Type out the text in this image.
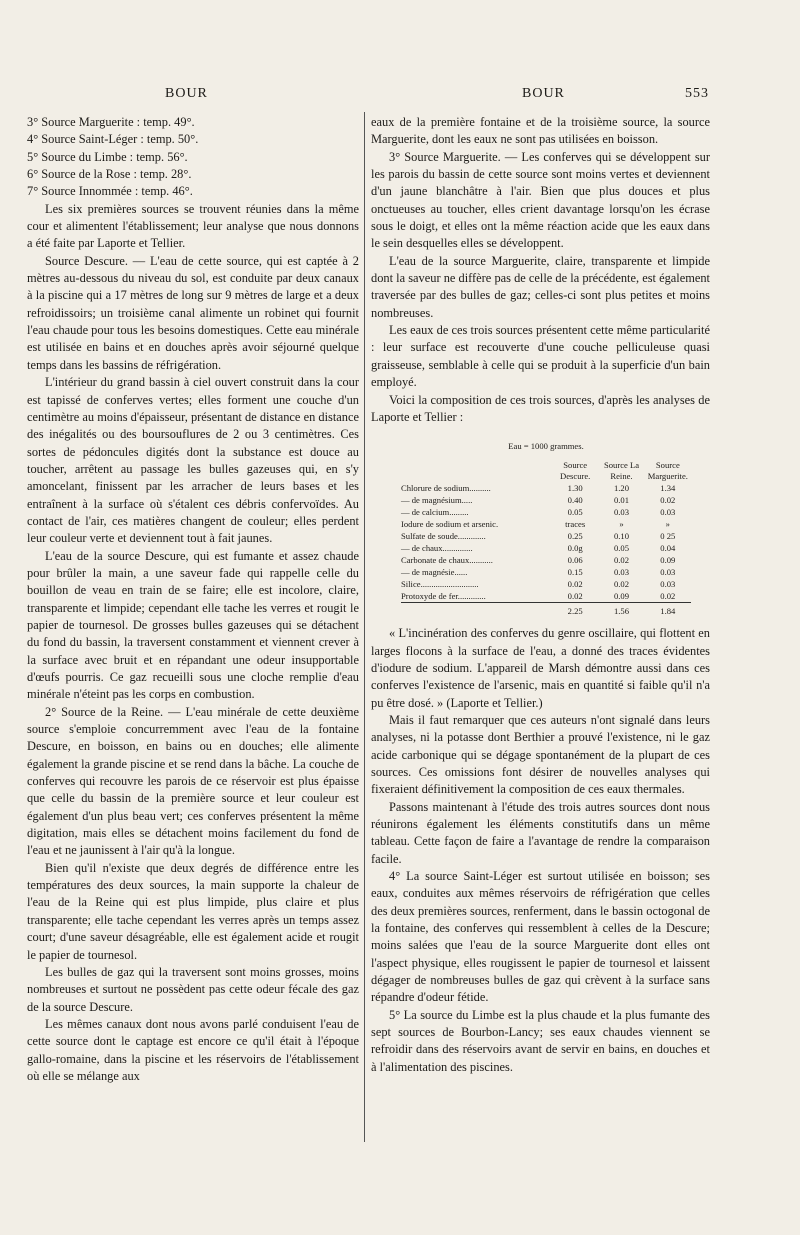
BOUR	BOUR	553
3° Source Marguerite : temp. 49°.
4° Source Saint-Léger : temp. 50°.
5° Source du Limbe : temp. 56°.
6° Source de la Rose : temp. 28°.
7° Source Innommée : temp. 46°.

Les six premières sources se trouvent réunies dans la même cour et alimentent l'établissement; leur analyse que nous donnons a été faite par Laporte et Tellier.

Source Descure. — L'eau de cette source, qui est captée à 2 mètres au-dessous du niveau du sol, est conduite par deux canaux à la piscine qui a 17 mètres de long sur 9 mètres de large et a deux refroidissoirs; un troisième canal alimente un robinet qui fournit l'eau chaude pour tous les besoins domestiques. Cette eau minérale est utilisée en bains et en douches après avoir séjourné quelque temps dans les bassins de réfrigération.

L'intérieur du grand bassin à ciel ouvert construit dans la cour est tapissé de conferves vertes; elles forment une couche d'un centimètre au moins d'épaisseur, présentant de distance en distance des inégalités ou des boursouflures de 2 ou 3 centimètres. Ces sortes de pédoncules digités dont la substance est douce au toucher, arrêtent au passage les bulles gazeuses qui, en s'y amoncelant, finissent par les arracher de leurs bases et les entraînent à la surface où s'étalent ces débris confervoïdes. Au contact de l'air, ces matières changent de couleur; elles perdent leur couleur verte et deviennent tout à fait jaunes.

L'eau de la source Descure, qui est fumante et assez chaude pour brûler la main, a une saveur fade qui rappelle celle du bouillon de veau en train de se faire; elle est incolore, claire, transparente et limpide; cependant elle tache les verres et rougit le papier de tournesol. De grosses bulles gazeuses qui se détachent du fond du bassin, la traversent constamment et viennent crever à la surface avec bruit et en répandant une odeur insupportable d'œufs pourris. Ce gaz recueilli sous une cloche remplie d'eau minérale n'éteint pas les corps en combustion.

2° Source de la Reine. — L'eau minérale de cette deuxième source s'emploie concurremment avec l'eau de la fontaine Descure, en boisson, en bains ou en douches; elle alimente également la grande piscine et se rend dans la bâche. La couche de conferves qui recouvre les parois de ce réservoir est plus épaisse que celle du bassin de la première source et leur couleur est également d'un plus beau vert; ces conferves présentent la même digitation, mais elles se détachent moins facilement du fond de l'eau et ne jaunissent à l'air qu'à la longue.

Bien qu'il n'existe que deux degrés de différence entre les températures des deux sources, la main supporte la chaleur de l'eau de la Reine qui est plus limpide, plus claire et plus transparente; elle tache cependant les verres après un temps assez court; d'une saveur désagréable, elle est également acide et rougit le papier de tournesol.

Les bulles de gaz qui la traversent sont moins grosses, moins nombreuses et surtout ne possèdent pas cette odeur fécale des gaz de la source Descure.

Les mêmes canaux dont nous avons parlé conduisent l'eau de cette source dont le captage est encore ce qu'il était à l'époque gallo-romaine, dans la piscine et les réservoirs de l'établissement où elle se mélange aux

eaux de la première fontaine et de la troisième source, la source Marguerite, dont les eaux ne sont pas utilisées en boisson.

3° Source Marguerite. — Les conferves qui se développent sur les parois du bassin de cette source sont moins vertes et deviennent d'un jaune blanchâtre à l'air. Bien que plus douces et plus onctueuses au toucher, elles crient davantage lorsqu'on les écrase sous le doigt, et elles ont la même réaction acide que les eaux dans le sein desquelles elles se développent.

L'eau de la source Marguerite, claire, transparente et limpide dont la saveur ne diffère pas de celle de la précédente, est également traversée par des bulles de gaz; celles-ci sont plus petites et moins nombreuses.

Les eaux de ces trois sources présentent cette même particularité : leur surface est recouverte d'une couche pelliculeuse quasi graisseuse, semblable à celle qui se produit à la superficie d'un bain employé.

Voici la composition de ces trois sources, d'après les analyses de Laporte et Tellier :

Eau = 1000 grammes.
	Source Descure.	Source La Reine.	Source Marguerite.
Chlorure de sodium..........	1.30	1.20	1.34
— de magnésium.....	0.40	0.01	0.02
— de calcium.........	0.05	0.03	0.03
Iodure de sodium et arsenic.	traces	»	»
Sulfate de soude.............	0.25	0.10	0 25
— de chaux..............	0.0g	0.05	0.04
Carbonate de chaux...........	0.06	0.02	0.09
— de magnésie......	0.15	0.03	0.03
Silice...........................	0.02	0.02	0.03
Protoxyde de fer.............	0.02	0.09	0.02
	2.25	1.56	1.84

« L'incinération des conferves du genre oscillaire, qui flottent en larges flocons à la surface de l'eau, a donné des traces évidentes d'iodure de sodium. L'appareil de Marsh démontre aussi dans ces conferves l'existence de l'arsenic, mais en quantité si faible qu'il n'a pu être dosé. » (Laporte et Tellier.)

Mais il faut remarquer que ces auteurs n'ont signalé dans leurs analyses, ni la potasse dont Berthier a prouvé l'existence, ni le gaz acide carbonique qui se dégage spontanément de la plupart de ces sources. Ces omissions font désirer de nouvelles analyses qui fixeraient définitivement la composition de ces eaux thermales.

Passons maintenant à l'étude des trois autres sources dont nous réunirons également les éléments constitutifs dans un même tableau. Cette façon de faire a l'avantage de rendre la comparaison facile.

4° La source Saint-Léger est surtout utilisée en boisson; ses eaux, conduites aux mêmes réservoirs de réfrigération que celles des deux premières sources, renferment, dans le bassin octogonal de la fontaine, des conferves qui ressemblent à celles de la Descure; moins salées que l'eau de la source Marguerite dont elles ont l'aspect physique, elles rougissent le papier de tournesol et laissent dégager de nombreuses bulles de gaz qui crèvent à la surface sans répandre d'odeur fétide.

5° La source du Limbe est la plus chaude et la plus fumante des sept sources de Bourbon-Lancy; ses eaux chaudes viennent se refroidir dans des réservoirs avant de servir en bains, en douches et à l'alimentation des piscines.
